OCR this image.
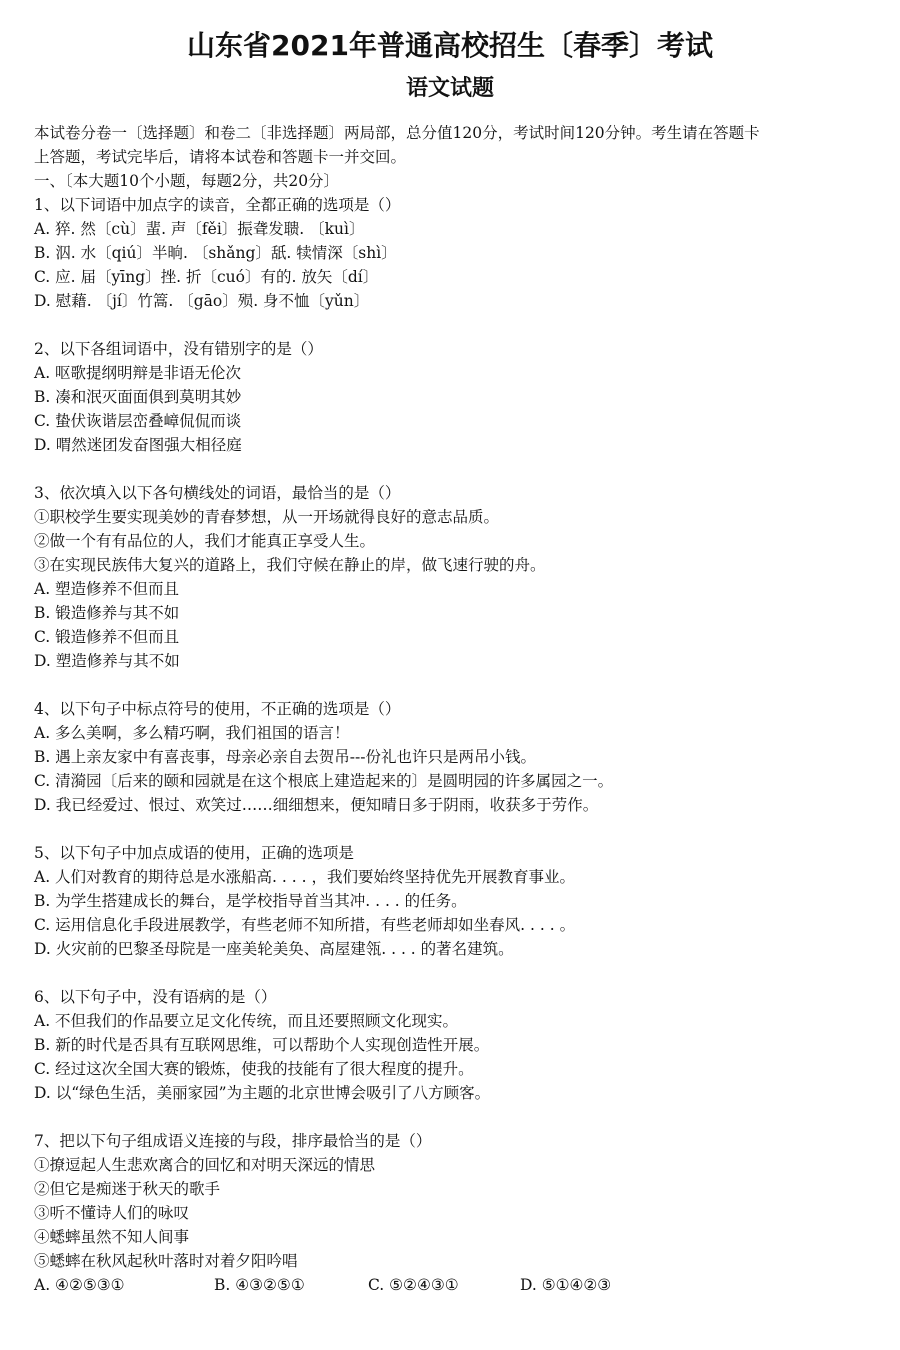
山东省2021年普通高校招生〔春季〕考试
语文试题
本试卷分卷一〔选择题〕和卷二〔非选择题〕两局部，总分值120分，考试时间120分钟。考生请在答题卡
上答题，考试完毕后，请将本试卷和答题卡一并交回。
一、〔本大题10个小题，每题2分，共20分〕
1、以下词语中加点字的读音，全都正确的选项是（）
A. 猝. 然〔cù〕蜚. 声〔fěi〕振聋发聩. 〔kuì〕
B. 泅. 水〔qiú〕半晌. 〔shǎng〕舐. 犊情深〔shì〕
C. 应. 届〔yīng〕挫. 折〔cuó〕有的. 放矢〔dí〕
D. 慰藉. 〔jí〕竹篙. 〔gāo〕殒. 身不恤〔yǔn〕
2、以下各组词语中，没有错别字的是（）
A. 呕歌提纲明辩是非语无伦次
B. 凑和泯灭面面俱到莫明其妙
C. 蛰伏诙谐层峦叠嶂侃侃而谈
D. 喟然迷团发奋图强大相径庭
3、依次填入以下各句横线处的词语，最恰当的是（）
①职校学生要实现美妙的青春梦想，从一开场就得良好的意志品质。
②做一个有有品位的人，我们才能真正享受人生。
③在实现民族伟大复兴的道路上，我们守候在静止的岸，做飞速行驶的舟。
A. 塑造修养不但而且
B. 锻造修养与其不如
C. 锻造修养不但而且
D. 塑造修养与其不如
4、以下句子中标点符号的使用，不正确的选项是（）
A. 多么美啊，多么精巧啊，我们祖国的语言！
B. 遇上亲友家中有喜丧事，母亲必亲自去贺吊---份礼也许只是两吊小钱。
C. 清漪园〔后来的颐和园就是在这个根底上建造起来的〕是圆明园的许多属园之一。
D. 我已经爱过、恨过、欢笑过……细细想来，便知晴日多于阴雨，收获多于劳作。
5、以下句子中加点成语的使用，正确的选项是
A. 人们对教育的期待总是水涨船高. . . . ，我们要始终坚持优先开展教育事业。
B. 为学生搭建成长的舞台，是学校指导首当其冲. . . . 的任务。
C. 运用信息化手段进展教学，有些老师不知所措，有些老师却如坐春风. . . . 。
D. 火灾前的巴黎圣母院是一座美轮美奂、高屋建瓴. . . . 的著名建筑。
6、以下句子中，没有语病的是（）
A. 不但我们的作品要立足文化传统，而且还要照顾文化现实。
B. 新的时代是否具有互联网思维，可以帮助个人实现创造性开展。
C. 经过这次全国大赛的锻炼，使我的技能有了很大程度的提升。
D. 以“绿色生活，美丽家园”为主题的北京世博会吸引了八方顾客。
7、把以下句子组成语义连接的与段，排序最恰当的是（）
①撩逗起人生悲欢离合的回忆和对明天深远的情思
②但它是痴迷于秋天的歌手
③听不懂诗人们的咏叹
④蟋蟀虽然不知人间事
⑤蟋蟀在秋风起秋叶落时对着夕阳吟唱
A. ④②⑤③①	B. ④③②⑤①	C. ⑤②④③①	D. ⑤①④②③
